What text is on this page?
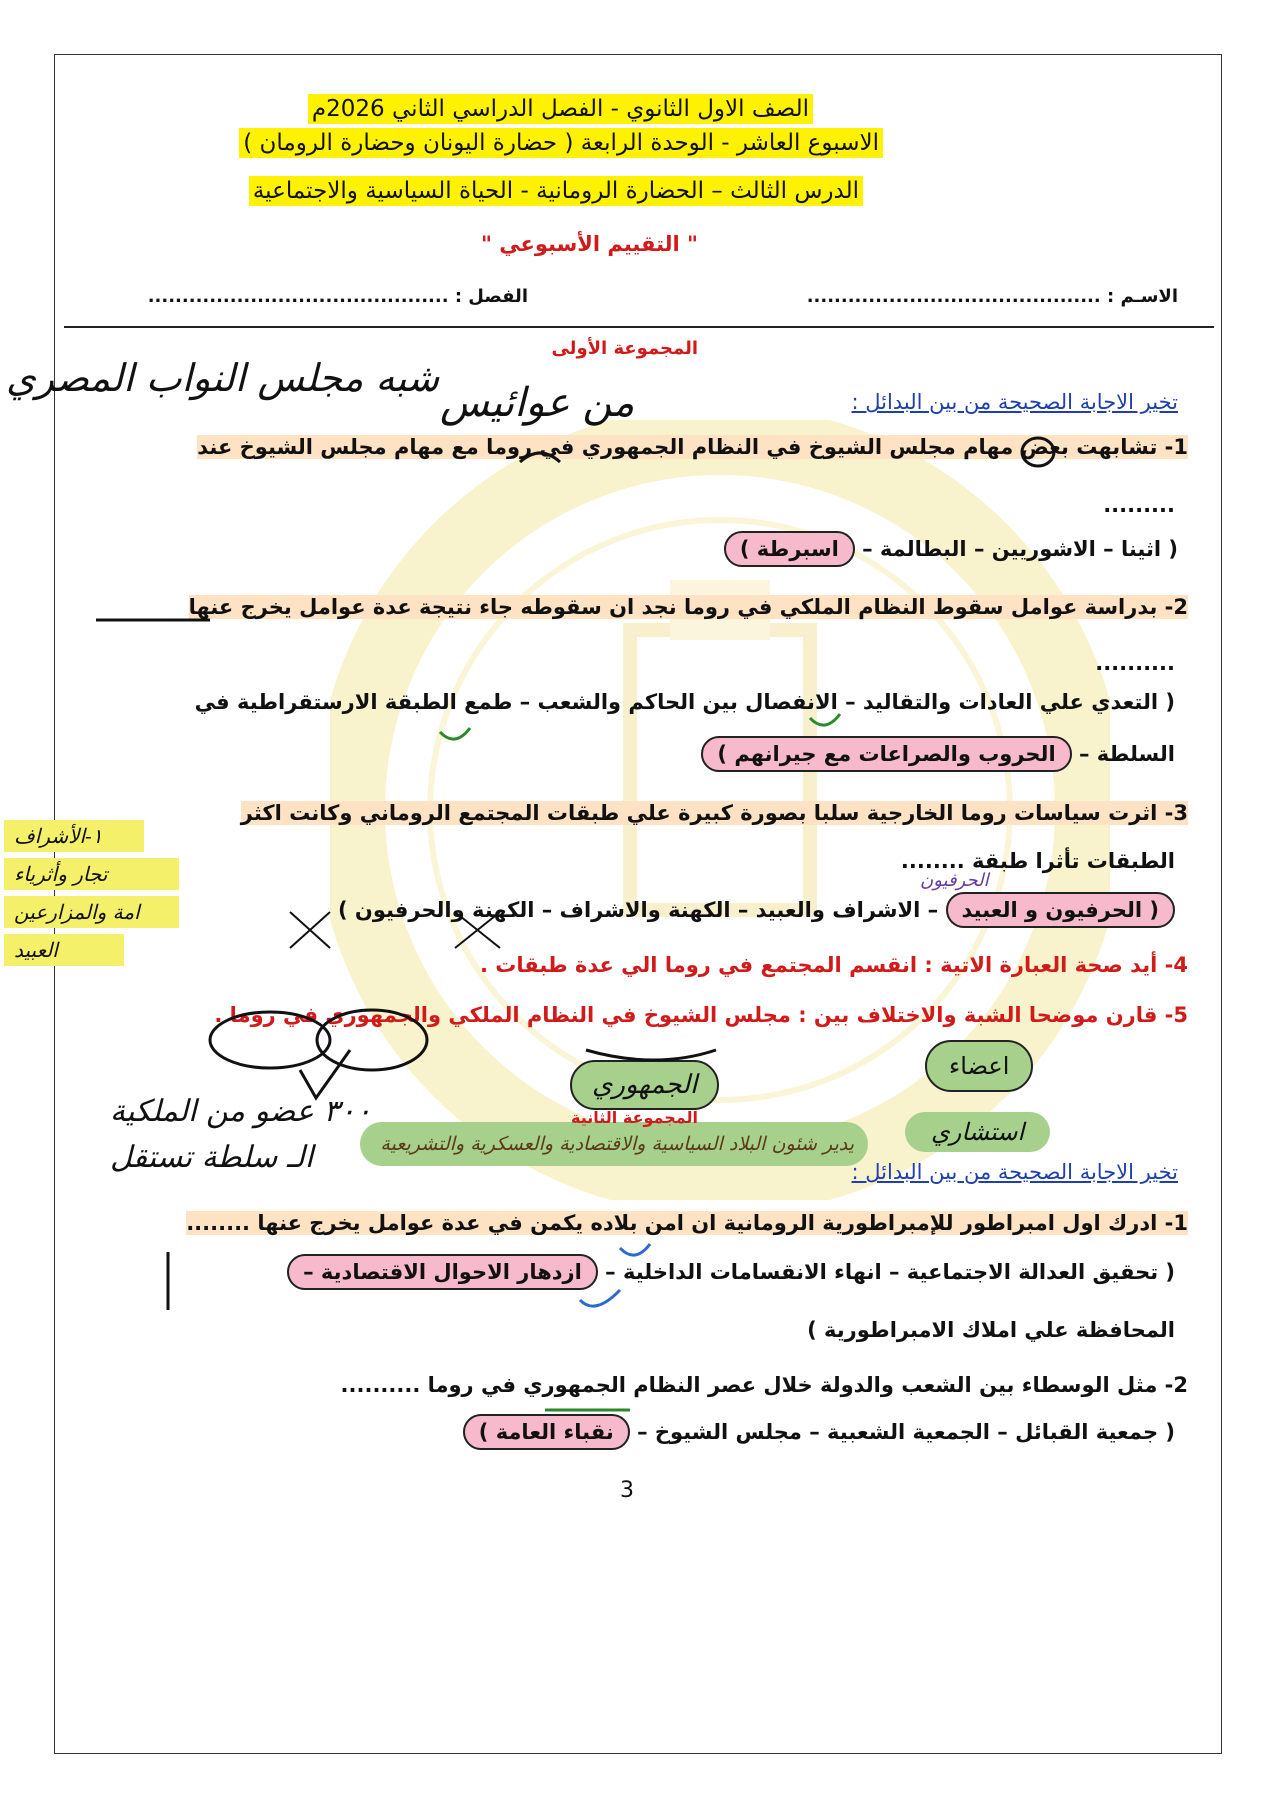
الصف الاول الثانوي - الفصل الدراسي الثاني 2026م
الاسبوع العاشر - الوحدة الرابعة ( حضارة اليونان وحضارة الرومان )
الدرس الثالث – الحضارة الرومانية - الحياة السياسية والاجتماعية
" التقييم الأسبوعي "
الاسـم : ...........................................
الفصل : ............................................
المجموعة الأولى
شبه مجلس النواب المصري
من عوائيس	تخير الاجابة الصحيحة من بين البدائل :
1- تشابهت بعض مهام مجلس الشيوخ في النظام الجمهوري في روما مع مهام مجلس الشيوخ عند
.........
( اثينا – الاشوريين – البطالمة – اسبرطة )
2- بدراسة عوامل سقوط النظام الملكي في روما نجد ان سقوطه جاء نتيجة عدة عوامل يخرج عنها
..........
( التعدي علي العادات والتقاليد – الانفصال بين الحاكم والشعب – طمع الطبقة الارستقراطية في
السلطة – الحروب والصراعات مع جيرانهم )
3- اثرت سياسات روما الخارجية سلبا بصورة كبيرة علي طبقات المجتمع الروماني وكانت اكثر
الطبقات تأثرا طبقة ........
( الحرفيون و العبيد – الاشراف والعبيد – الكهنة والاشراف – الكهنة والحرفيون )
الحرفيون
١-الأشراف
تجار وأثرياء
امة والمزارعين
العبيد
4- أيد صحة العبارة الاتية : انقسم المجتمع في روما الي عدة طبقات .
5- قارن موضحا الشبة والاختلاف بين : مجلس الشيوخ في النظام الملكي والجمهوري في روما .
اعضاء
الجمهوري
استشاري
يدير شئون البلاد السياسية والاقتصادية والعسكرية والتشريعية
٣٠٠ عضو من الملكية
الـ سلطة تستقل
المجموعة الثانية
تخير الاجابة الصحيحة من بين البدائل :
1- ادرك اول امبراطور للإمبراطورية الرومانية ان امن بلاده يكمن في عدة عوامل يخرج عنها ........
( تحقيق العدالة الاجتماعية – انهاء الانقسامات الداخلية – ازدهار الاحوال الاقتصادية –
المحافظة علي املاك الامبراطورية )
2- مثل الوسطاء بين الشعب والدولة خلال عصر النظام الجمهوري في روما ..........
( جمعية القبائل – الجمعية الشعبية – مجلس الشيوخ – نقباء العامة )
3
